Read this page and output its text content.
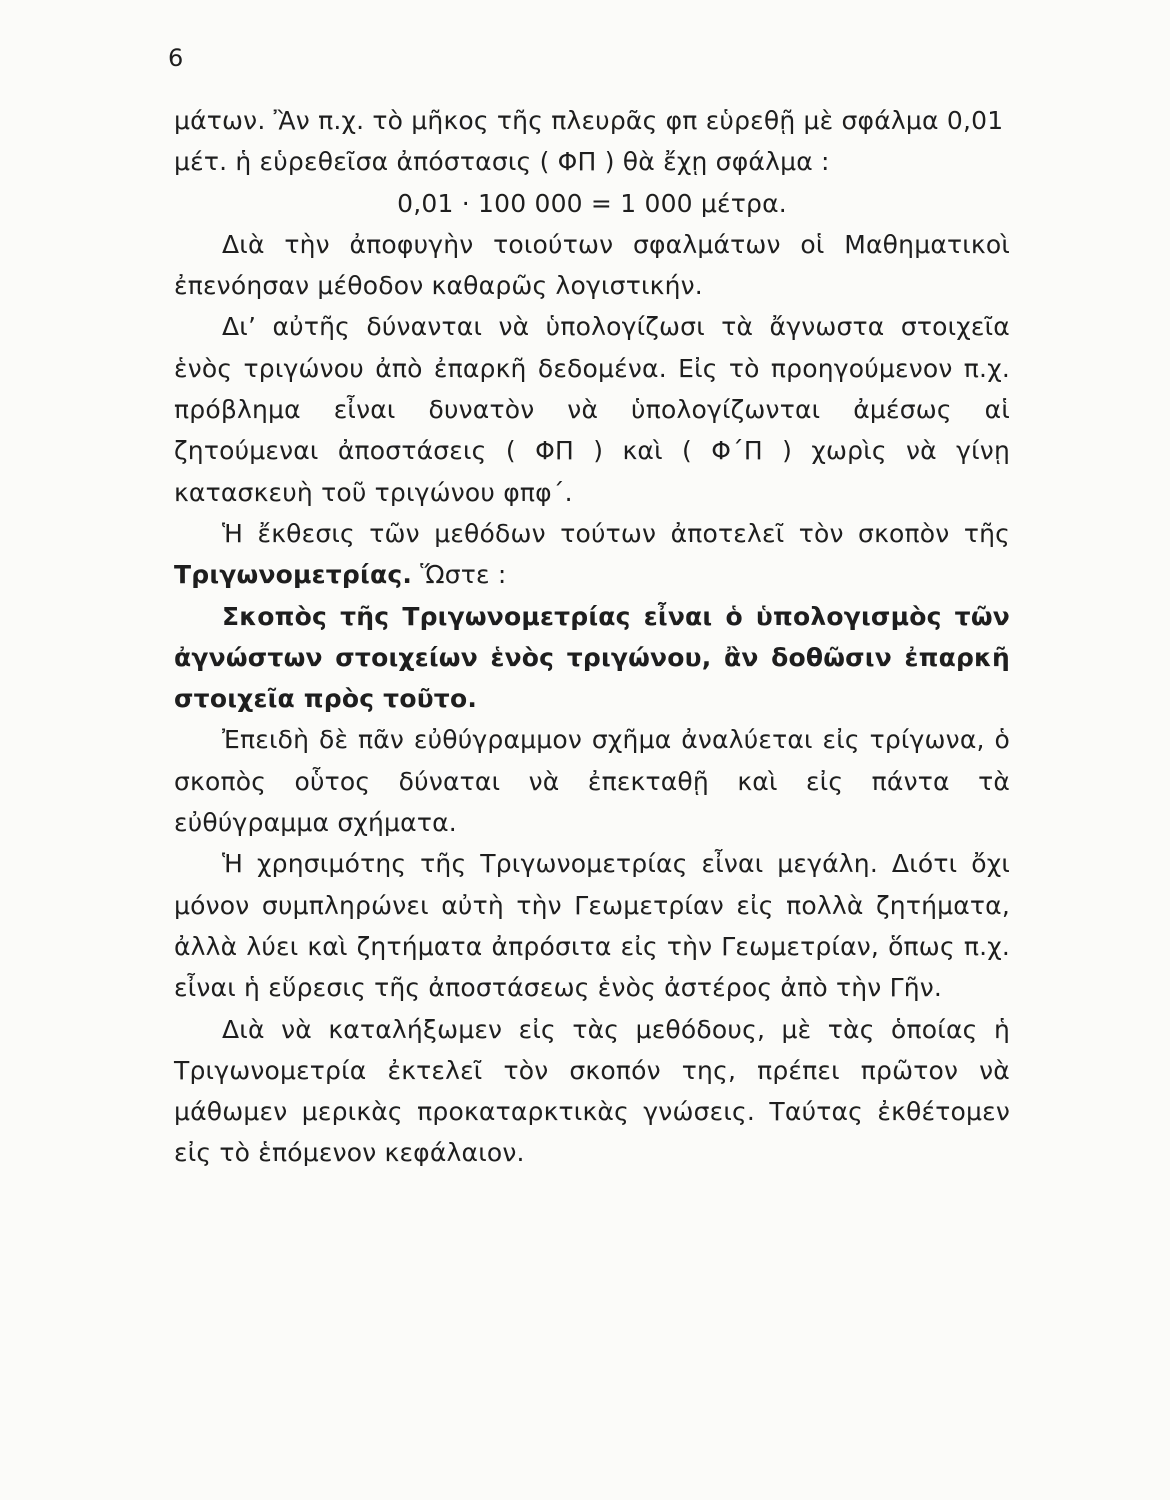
6

μάτων. Ἂν π.χ. τὸ μῆκος τῆς πλευρᾶς φπ εὑρεθῇ μὲ σφάλμα 0,01
μέτ. ἡ εὑρεθεῖσα ἀπόστασις ( ΦΠ ) θὰ ἔχῃ σφάλμα :

0,01 · 100 000 = 1 000 μέτρα.

Διὰ τὴν ἀποφυγὴν τοιούτων σφαλμάτων οἱ Μαθηματικοὶ ἐπενόησαν μέθοδον καθαρῶς λογιστικήν.

Δι’ αὐτῆς δύνανται νὰ ὑπολογίζωσι τὰ ἄγνωστα στοιχεῖα ἑνὸς τριγώνου ἀπὸ ἐπαρκῆ δεδομένα. Εἰς τὸ προηγούμενον π.χ. πρόβλημα εἶναι δυνατὸν νὰ ὑπολογίζωνται ἀμέσως αἱ ζητούμεναι ἀποστάσεις ( ΦΠ ) καὶ ( Φ΄Π ) χωρὶς νὰ γίνῃ κατασκευὴ τοῦ τριγώνου φπφ΄.

Ἡ ἔκθεσις τῶν μεθόδων τούτων ἀποτελεῖ τὸν σκοπὸν τῆς Τριγωνομετρίας. Ὥστε :

Σκοπὸς τῆς Τριγωνομετρίας εἶναι ὁ ὑπολογισμὸς τῶν ἀγνώστων στοιχείων ἑνὸς τριγώνου, ἂν δοθῶσιν ἐπαρκῆ στοιχεῖα πρὸς τοῦτο.

Ἐπειδὴ δὲ πᾶν εὐθύγραμμον σχῆμα ἀναλύεται εἰς τρίγωνα, ὁ σκοπὸς οὗτος δύναται νὰ ἐπεκταθῇ καὶ εἰς πάντα τὰ εὐθύγραμμα σχήματα.

Ἡ χρησιμότης τῆς Τριγωνομετρίας εἶναι μεγάλη. Διότι ὄχι μόνον συμπληρώνει αὐτὴ τὴν Γεωμετρίαν εἰς πολλὰ ζητήματα, ἀλλὰ λύει καὶ ζητήματα ἀπρόσιτα εἰς τὴν Γεωμετρίαν, ὅπως π.χ. εἶναι ἡ εὕρεσις τῆς ἀποστάσεως ἑνὸς ἀστέρος ἀπὸ τὴν Γῆν.

Διὰ νὰ καταλήξωμεν εἰς τὰς μεθόδους, μὲ τὰς ὁποίας ἡ Τριγωνομετρία ἐκτελεῖ τὸν σκοπόν της, πρέπει πρῶτον νὰ μάθωμεν μερικὰς προκαταρκτικὰς γνώσεις. Ταύτας ἐκθέτομεν εἰς τὸ ἑπόμενον κεφάλαιον.
